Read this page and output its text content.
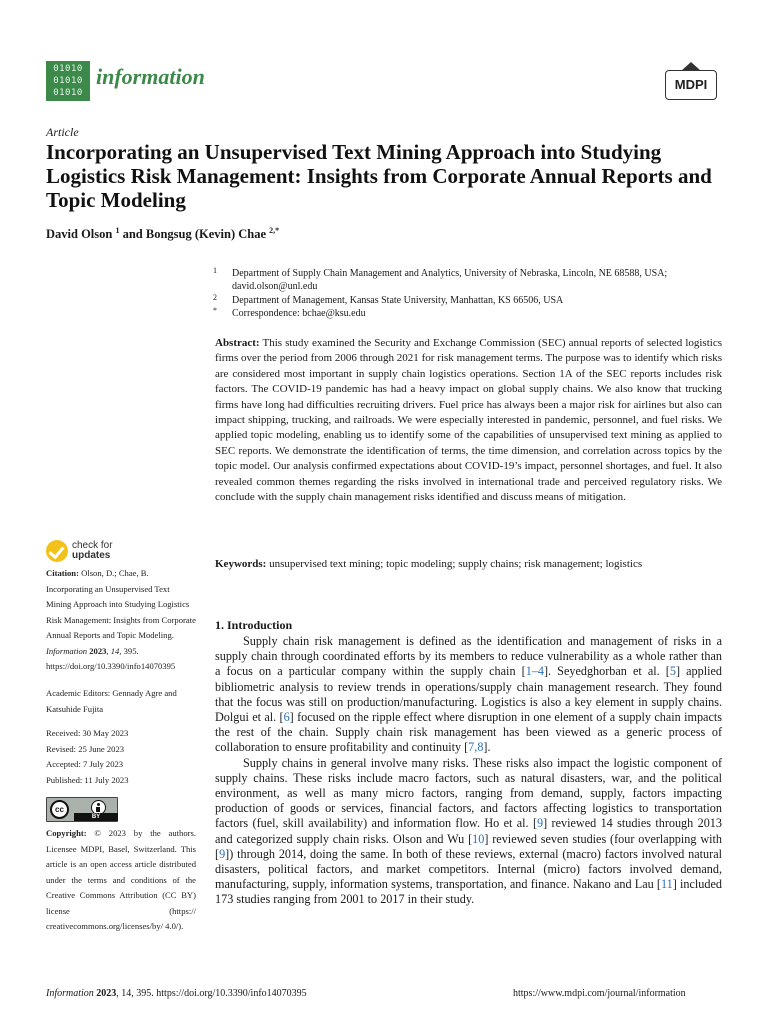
01010
01010
01010
information	MDPI
Article
Incorporating an Unsupervised Text Mining Approach into Studying Logistics Risk Management: Insights from Corporate Annual Reports and Topic Modeling
David Olson $^1$ and Bongsug (Kevin) Chae $^{2,*}$
1	Department of Supply Chain Management and Analytics, University of Nebraska, Lincoln, NE 68588, USA; david.olson@unl.edu
2	Department of Management, Kansas State University, Manhattan, KS 66506, USA
*	Correspondence: bchae@ksu.edu
Abstract: This study examined the Security and Exchange Commission (SEC) annual reports of selected logistics firms over the period from 2006 through 2021 for risk management terms. The purpose was to identify which risks are considered most important in supply chain logistics operations. Section 1A of the SEC reports includes risk factors. The COVID-19 pandemic has had a heavy impact on global supply chains. We also know that trucking firms have long had difficulties recruiting drivers. Fuel price has always been a major risk for airlines but also can impact shipping, trucking, and railroads. We were especially interested in pandemic, personnel, and fuel risks. We applied topic modeling, enabling us to identify some of the capabilities of unsupervised text mining as applied to SEC reports. We demonstrate the identification of terms, the time dimension, and correlation across topics by the topic model. Our analysis confirmed expectations about COVID-19’s impact, personnel shortages, and fuel. It also revealed common themes regarding the risks involved in international trade and perceived regulatory risks. We conclude with the supply chain management risks identified and discuss means of mitigation.
Keywords: unsupervised text mining; topic modeling; supply chains; risk management; logistics
1. Introduction

Supply chain risk management is defined as the identification and management of risks in a supply chain through coordinated efforts by its members to reduce vulnerability as a whole rather than a focus on a particular company within the supply chain [1–4]. Seyedghorban et al. [5] applied bibliometric analysis to review trends in operations/supply chain management research. They found that the focus was still on production/manufacturing. Logistics is also a key element in supply chains. Dolgui et al. [6] focused on the ripple effect where disruption in one element of a supply chain impacts the rest of the chain. Supply chain risk management has been viewed as a generic process of collaboration to ensure profitability and continuity [7,8].

Supply chains in general involve many risks. These risks also impact the logistic component of supply chains. These risks include macro factors, such as natural disasters, war, and the political environment, as well as many micro factors, ranging from demand, supply, factors impacting production of goods or services, financial factors, and factors affecting logistics to transportation factors (fuel, skill availability) and information flow. Ho et al. [9] reviewed 14 studies through 2013 and categorized supply chain risks. Olson and Wu [10] reviewed seven studies (four overlapping with [9]) through 2014, doing the same. In both of these reviews, external (macro) factors involved natural disasters, political factors, and market competitors. Internal (micro) factors involved demand, manufacturing, supply, information systems, transportation, and finance. Nakano and Lau [11] included 173 studies ranging from 2001 to 2017 in their study.

check for
updates
Citation: Olson, D.; Chae, B. Incorporating an Unsupervised Text Mining Approach into Studying Logistics Risk Management: Insights from Corporate Annual Reports and Topic Modeling. Information 2023, 14, 395. https://doi.org/10.3390/info14070395
Academic Editors: Gennady Agre and Katsuhide Fujita
Received: 30 May 2023
Revised: 25 June 2023
Accepted: 7 July 2023
Published: 11 July 2023
cc
BY
Copyright: © 2023 by the authors. Licensee MDPI, Basel, Switzerland. This article is an open access article distributed under the terms and conditions of the Creative Commons Attribution (CC BY) license (https:// creativecommons.org/licenses/by/ 4.0/).
Information 2023, 14, 395. https://doi.org/10.3390/info14070395	https://www.mdpi.com/journal/information
